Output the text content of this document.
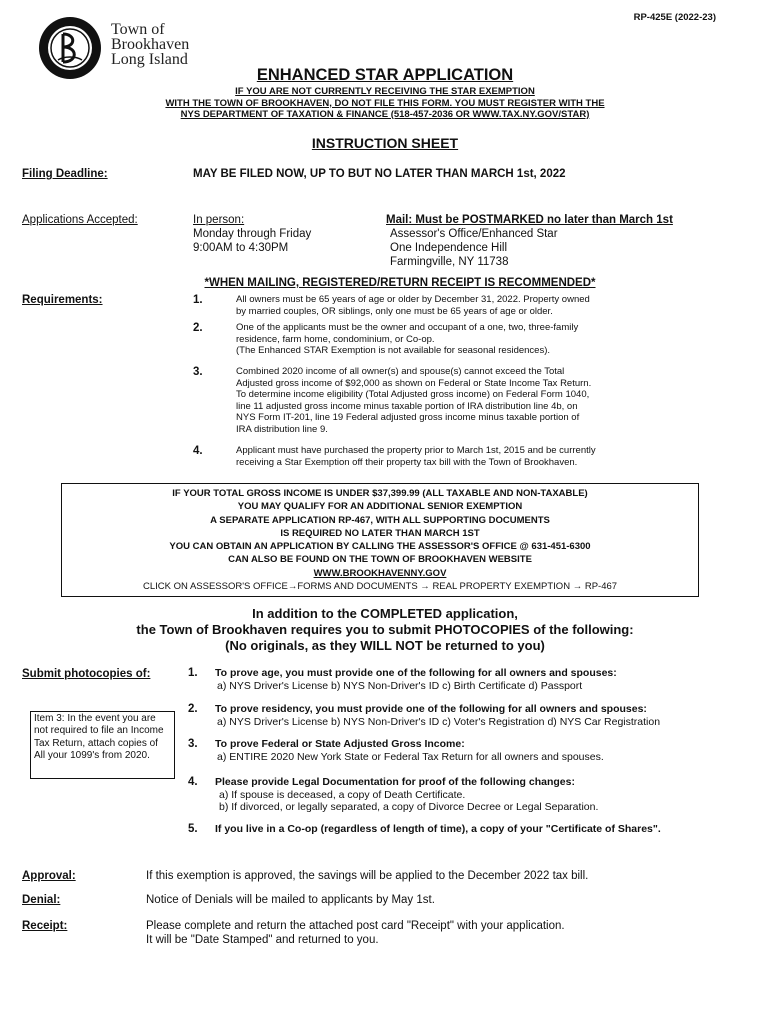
RP-425E (2022-23)
Town of
Brookhaven
Long Island
ENHANCED STAR APPLICATION
IF YOU ARE NOT CURRENTLY RECEIVING THE STAR EXEMPTION
WITH THE TOWN OF BROOKHAVEN, DO NOT FILE THIS FORM. YOU MUST REGISTER WITH THE
NYS DEPARTMENT OF TAXATION & FINANCE (518-457-2036 OR WWW.TAX.NY.GOV/STAR)
INSTRUCTION SHEET
Filing Deadline:	MAY BE FILED NOW, UP TO BUT NO LATER THAN MARCH 1st, 2022
Applications Accepted:	In person:
Monday through Friday
9:00AM to 4:30PM
Mail: Must be POSTMARKED no later than March 1st
Assessor's Office/Enhanced Star
One Independence Hill
Farmingville, NY 11738
*WHEN MAILING, REGISTERED/RETURN RECEIPT IS RECOMMENDED*
Requirements:	1.	All owners must be 65 years of age or older by December 31, 2022. Property owned
by married couples, OR siblings, only one must be 65 years of age or older.
2.	One of the applicants must be the owner and occupant of a one, two, three-family
residence, farm home, condominium, or Co-op.
(The Enhanced STAR Exemption is not available for seasonal residences).
3.	Combined 2020 income of all owner(s) and spouse(s) cannot exceed the Total
Adjusted gross income of $92,000 as shown on Federal or State Income Tax Return.
To determine income eligibility (Total Adjusted gross income) on Federal Form 1040,
line 11 adjusted gross income minus taxable portion of IRA distribution line 4b, on
NYS Form IT-201, line 19 Federal adjusted gross income minus taxable portion of
IRA distribution line 9.
4.	Applicant must have purchased the property prior to March 1st, 2015 and be currently
receiving a Star Exemption off their property tax bill with the Town of Brookhaven.
IF YOUR TOTAL GROSS INCOME IS UNDER $37,399.99 (ALL TAXABLE AND NON-TAXABLE)
YOU MAY QUALIFY FOR AN ADDITIONAL SENIOR EXEMPTION
A SEPARATE APPLICATION RP-467, WITH ALL SUPPORTING DOCUMENTS
IS REQUIRED NO LATER THAN MARCH 1ST
YOU CAN OBTAIN AN APPLICATION BY CALLING THE ASSESSOR'S OFFICE @ 631-451-6300
CAN ALSO BE FOUND ON THE TOWN OF BROOKHAVEN WEBSITE
WWW.BROOKHAVENNY.GOV
CLICK ON ASSESSOR'S OFFICE→FORMS AND DOCUMENTS → REAL PROPERTY EXEMPTION → RP-467
In addition to the COMPLETED application,
the Town of Brookhaven requires you to submit PHOTOCOPIES of the following:
(No originals, as they WILL NOT be returned to you)
Submit photocopies of:	1. To prove age, you must provide one of the following for all owners and spouses:
a) NYS Driver's License b) NYS Non-Driver's ID c) Birth Certificate d) Passport
2. To prove residency, you must provide one of the following for all owners and spouses:
a) NYS Driver's License b) NYS Non-Driver's ID c) Voter's Registration d) NYS Car Registration
Item 3: In the event you are not required to file an Income Tax Return, attach copies of All your 1099's from 2020.
3. To prove Federal or State Adjusted Gross Income:
a) ENTIRE 2020 New York State or Federal Tax Return for all owners and spouses.
4. Please provide Legal Documentation for proof of the following changes:
a) If spouse is deceased, a copy of Death Certificate.
b) If divorced, or legally separated, a copy of Divorce Decree or Legal Separation.
5. If you live in a Co-op (regardless of length of time), a copy of your "Certificate of Shares".
Approval:	If this exemption is approved, the savings will be applied to the December 2022 tax bill.
Denial:	Notice of Denials will be mailed to applicants by May 1st.
Receipt:	Please complete and return the attached post card "Receipt" with your application.
It will be "Date Stamped" and returned to you.
